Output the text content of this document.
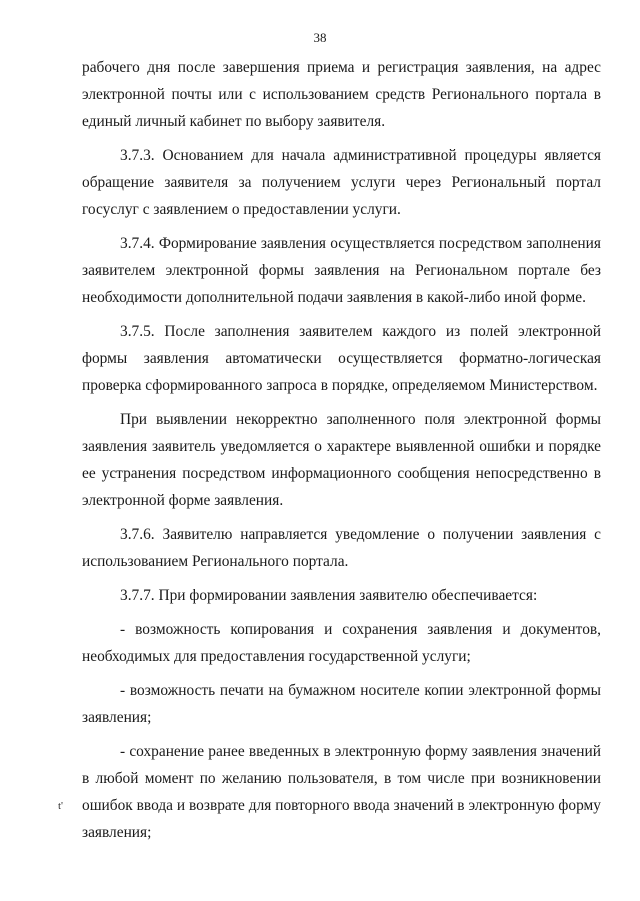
38

рабочего дня после завершения приема и регистрация заявления, на адрес электронной почты или с использованием средств Регионального портала в единый личный кабинет по выбору заявителя.

3.7.3. Основанием для начала административной процедуры является обращение заявителя за получением услуги через Региональный портал госуслуг с заявлением о предоставлении услуги.

3.7.4. Формирование заявления осуществляется посредством заполнения заявителем электронной формы заявления на Региональном портале без необходимости дополнительной подачи заявления в какой-либо иной форме.

3.7.5. После заполнения заявителем каждого из полей электронной формы заявления автоматически осуществляется форматно-логическая проверка сформированного запроса в порядке, определяемом Министерством.

При выявлении некорректно заполненного поля электронной формы заявления заявитель уведомляется о характере выявленной ошибки и порядке ее устранения посредством информационного сообщения непосредственно в электронной форме заявления.

3.7.6. Заявителю направляется уведомление о получении заявления с использованием Регионального портала.

3.7.7. При формировании заявления заявителю обеспечивается:

- возможность копирования и сохранения заявления и документов, необходимых для предоставления государственной услуги;

- возможность печати на бумажном носителе копии электронной формы заявления;

- сохранение ранее введенных в электронную форму заявления значений в любой момент по желанию пользователя, в том числе при возникновении ошибок ввода и возврате для повторного ввода значений в электронную форму заявления;

t'
